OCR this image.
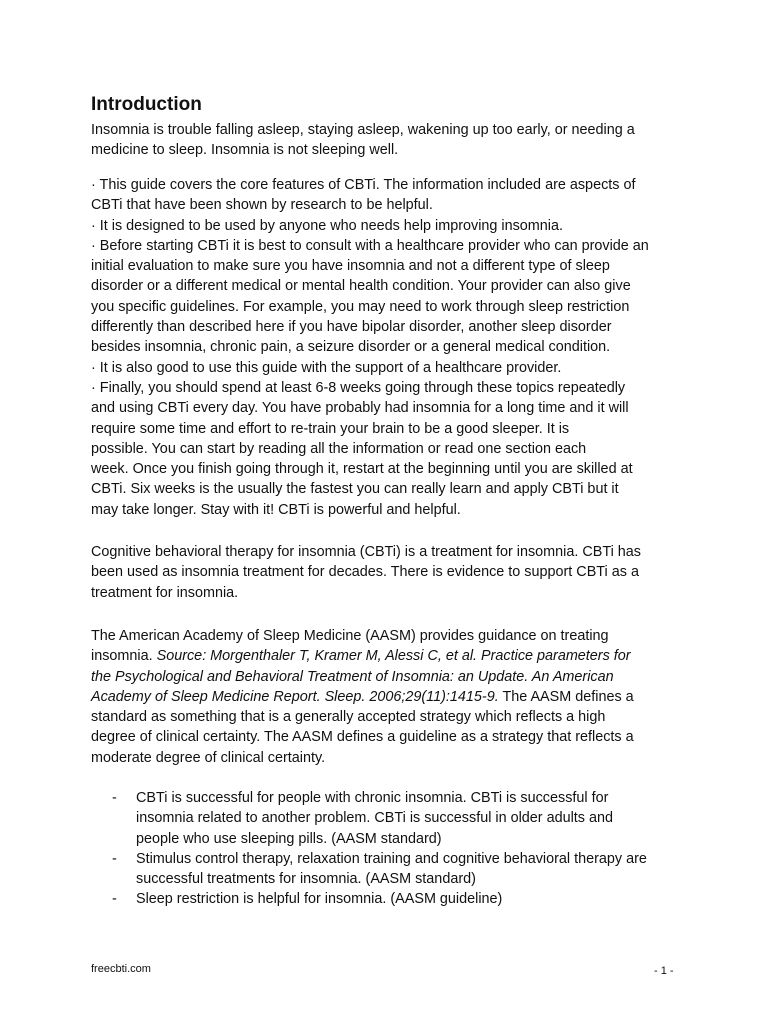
Introduction

Insomnia is trouble falling asleep, staying asleep, wakening up too early, or needing a
medicine to sleep. Insomnia is not sleeping well.

· This guide covers the core features of CBTi. The information included are aspects of
CBTi that have been shown by research to be helpful.
· It is designed to be used by anyone who needs help improving insomnia.
· Before starting CBTi it is best to consult with a healthcare provider who can provide an
initial evaluation to make sure you have insomnia and not a different type of sleep
disorder or a different medical or mental health condition. Your provider can also give
you specific guidelines. For example, you may need to work through sleep restriction
differently than described here if you have bipolar disorder, another sleep disorder
besides insomnia, chronic pain, a seizure disorder or a general medical condition.
· It is also good to use this guide with the support of a healthcare provider.
· Finally, you should spend at least 6-8 weeks going through these topics repeatedly
and using CBTi every day. You have probably had insomnia for a long time and it will
require some time and effort to re-train your brain to be a good sleeper. It is
possible. You can start by reading all the information or read one section each
week. Once you finish going through it, restart at the beginning until you are skilled at
CBTi. Six weeks is the usually the fastest you can really learn and apply CBTi but it
may take longer. Stay with it! CBTi is powerful and helpful.

Cognitive behavioral therapy for insomnia (CBTi) is a treatment for insomnia. CBTi has
been used as insomnia treatment for decades. There is evidence to support CBTi as a
treatment for insomnia.

The American Academy of Sleep Medicine (AASM) provides guidance on treating
insomnia. Source: Morgenthaler T, Kramer M, Alessi C, et al. Practice parameters for
the Psychological and Behavioral Treatment of Insomnia: an Update. An American
Academy of Sleep Medicine Report. Sleep. 2006;29(11):1415-9. The AASM defines a
standard as something that is a generally accepted strategy which reflects a high
degree of clinical certainty. The AASM defines a guideline as a strategy that reflects a
moderate degree of clinical certainty.

- CBTi is successful for people with chronic insomnia. CBTi is successful for
insomnia related to another problem. CBTi is successful in older adults and
people who use sleeping pills. (AASM standard)
- Stimulus control therapy, relaxation training and cognitive behavioral therapy are
successful treatments for insomnia. (AASM standard)
- Sleep restriction is helpful for insomnia. (AASM guideline)
freecbti.com	- 1 -
